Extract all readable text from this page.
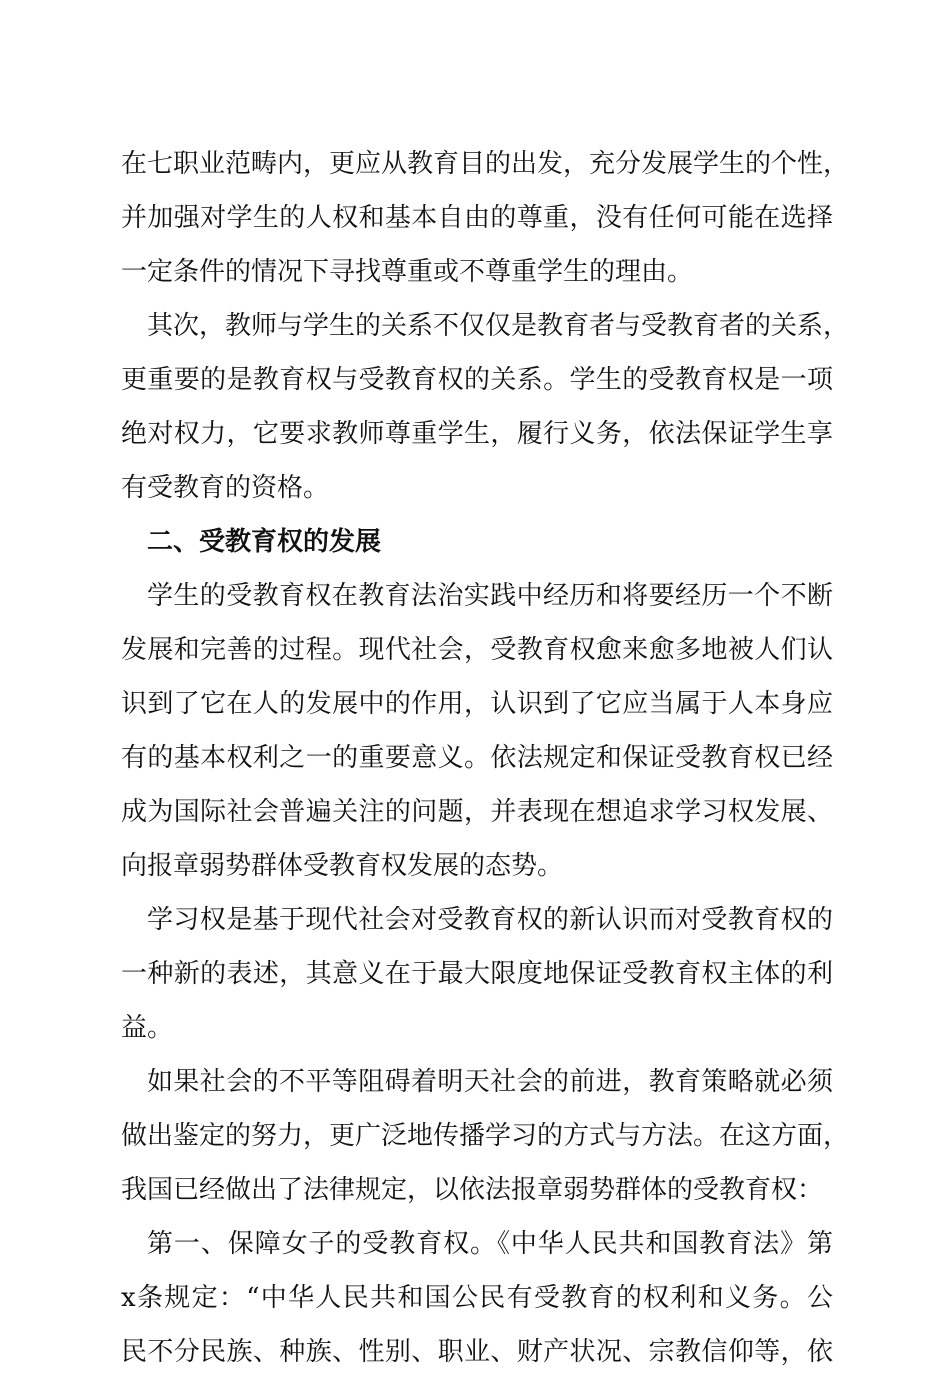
在七职业范畴内，更应从教育目的出发，充分发展学生的个性，
并加强对学生的人权和基本自由的尊重，没有任何可能在选择
一定条件的情况下寻找尊重或不尊重学生的理由。
其次，教师与学生的关系不仅仅是教育者与受教育者的关系，
更重要的是教育权与受教育权的关系。学生的受教育权是一项
绝对权力，它要求教师尊重学生，履行义务，依法保证学生享
有受教育的资格。
二、受教育权的发展
学生的受教育权在教育法治实践中经历和将要经历一个不断
发展和完善的过程。现代社会，受教育权愈来愈多地被人们认
识到了它在人的发展中的作用，认识到了它应当属于人本身应
有的基本权利之一的重要意义。依法规定和保证受教育权已经
成为国际社会普遍关注的问题，并表现在想追求学习权发展、
向报章弱势群体受教育权发展的态势。
学习权是基于现代社会对受教育权的新认识而对受教育权的
一种新的表述，其意义在于最大限度地保证受教育权主体的利
益。
如果社会的不平等阻碍着明天社会的前进，教育策略就必须
做出鉴定的努力，更广泛地传播学习的方式与方法。在这方面，
我国已经做出了法律规定，以依法报章弱势群体的受教育权：
第一、保障女子的受教育权。《中华人民共和国教育法》第
x条规定：“中华人民共和国公民有受教育的权利和义务。公
民不分民族、种族、性别、职业、财产状况、宗教信仰等，依
